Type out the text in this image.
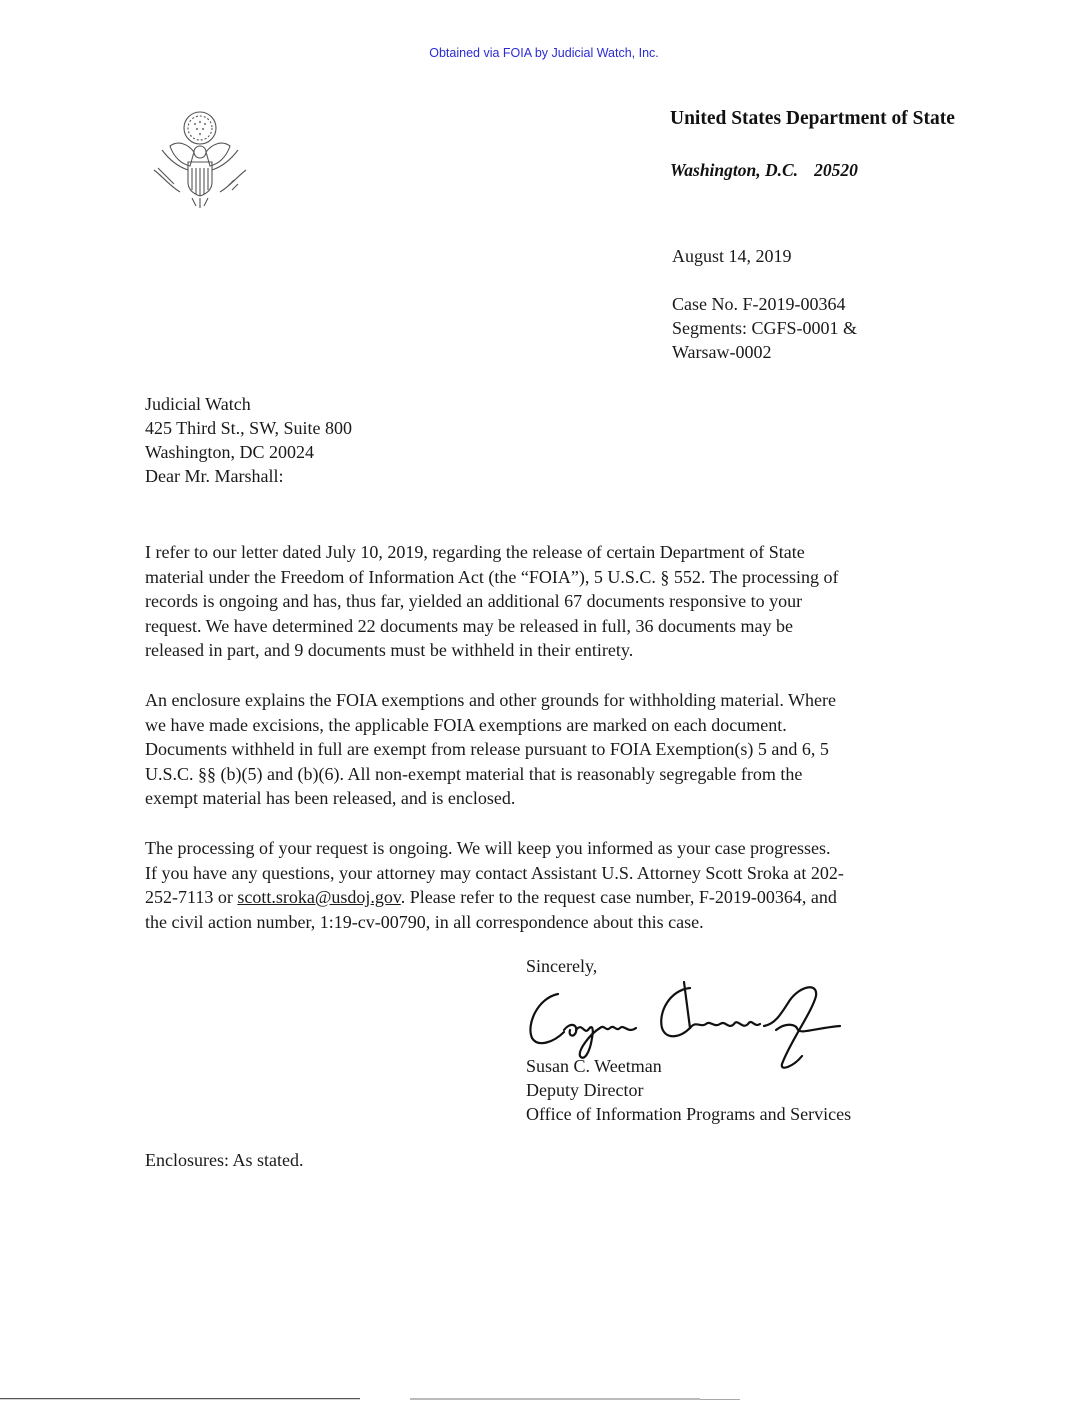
Obtained via FOIA by Judicial Watch, Inc.
United States Department of State
Washington, D.C. 20520
August 14, 2019
Case No. F-2019-00364
Segments: CGFS-0001 &
Warsaw-0002
Judicial Watch
425 Third St., SW, Suite 800
Washington, DC 20024
Dear Mr. Marshall:
I refer to our letter dated July 10, 2019, regarding the release of certain Department of State
material under the Freedom of Information Act (the “FOIA”), 5 U.S.C. § 552. The processing of
records is ongoing and has, thus far, yielded an additional 67 documents responsive to your
request. We have determined 22 documents may be released in full, 36 documents may be
released in part, and 9 documents must be withheld in their entirety.
An enclosure explains the FOIA exemptions and other grounds for withholding material. Where
we have made excisions, the applicable FOIA exemptions are marked on each document.
Documents withheld in full are exempt from release pursuant to FOIA Exemption(s) 5 and 6, 5
U.S.C. §§ (b)(5) and (b)(6). All non-exempt material that is reasonably segregable from the
exempt material has been released, and is enclosed.
The processing of your request is ongoing. We will keep you informed as your case progresses.
If you have any questions, your attorney may contact Assistant U.S. Attorney Scott Sroka at 202-
252-7113 or scott.sroka@usdoj.gov. Please refer to the request case number, F-2019-00364, and
the civil action number, 1:19-cv-00790, in all correspondence about this case.
Sincerely,
Susan C. Weetman
Deputy Director
Office of Information Programs and Services
Enclosures: As stated.
